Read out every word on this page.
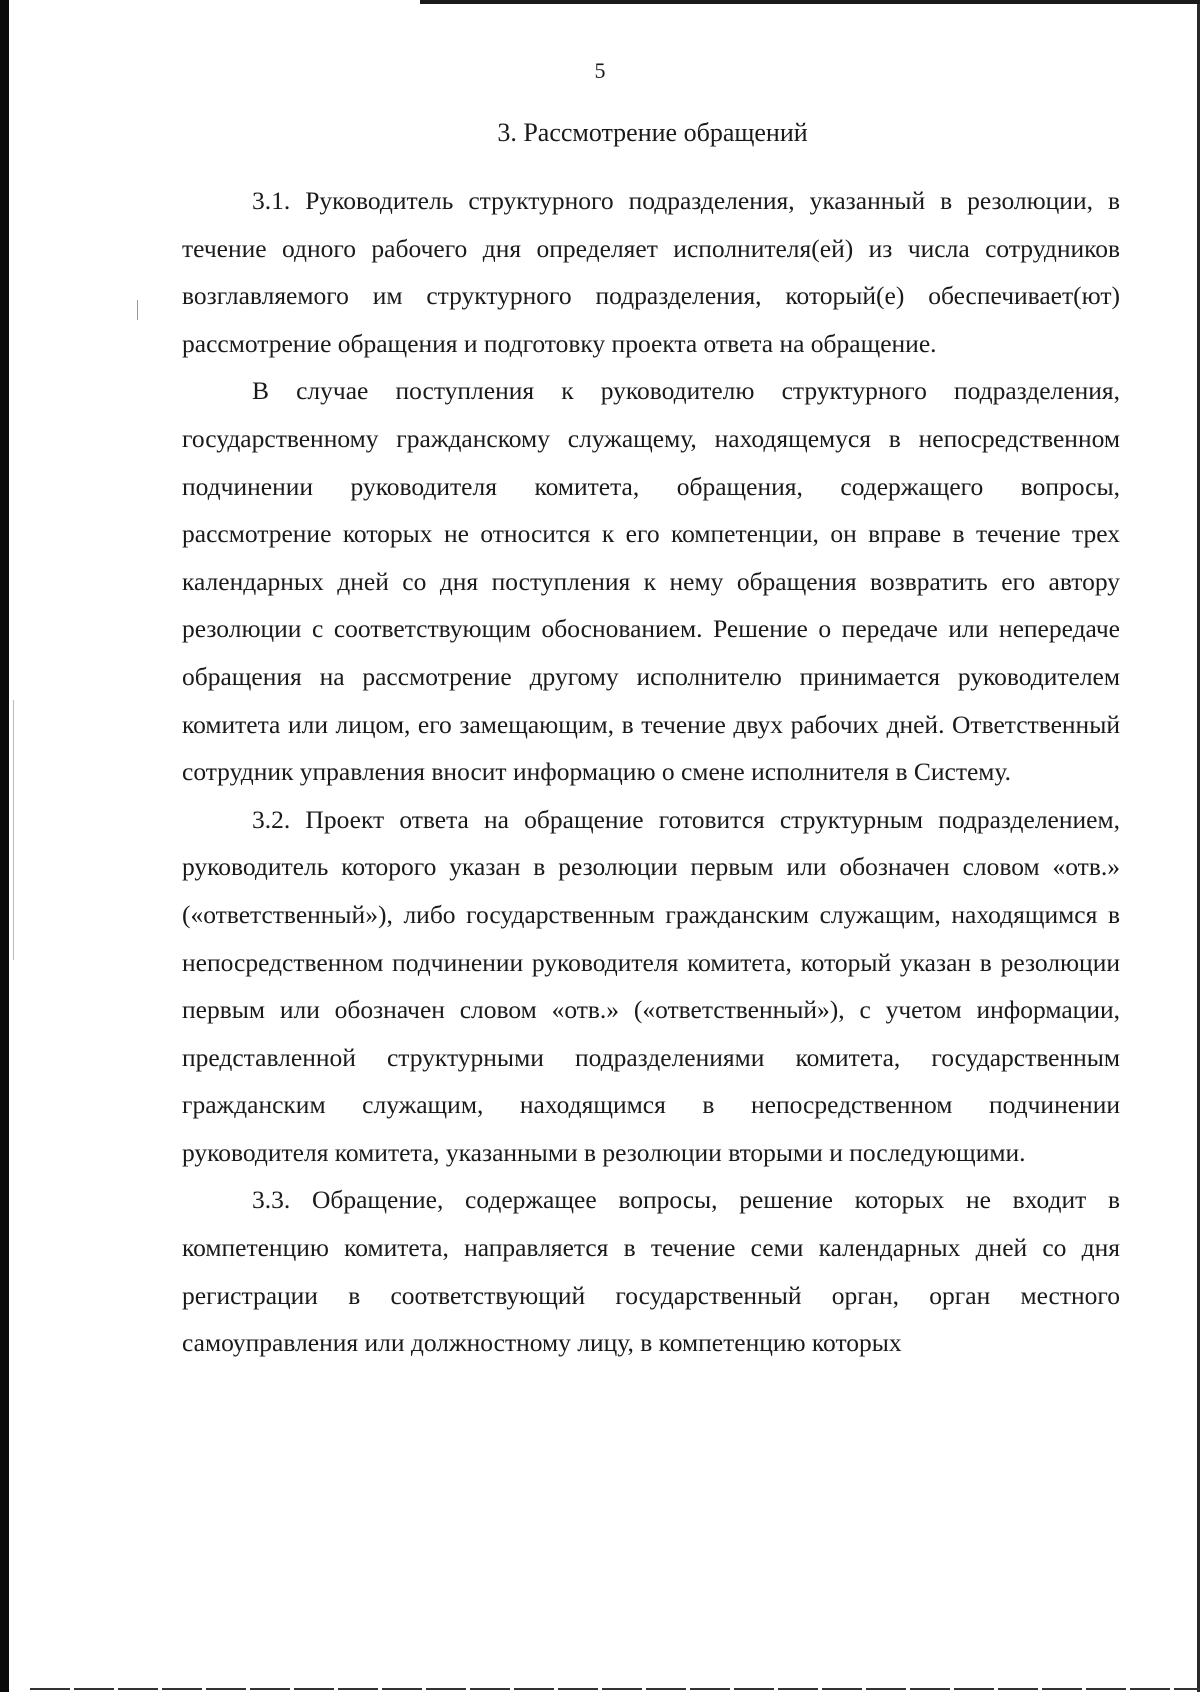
5
3. Рассмотрение обращений

3.1. Руководитель структурного подразделения, указанный в резолюции, в течение одного рабочего дня определяет исполнителя(ей) из числа сотрудников возглавляемого им структурного подразделения, который(е) обеспечивает(ют) рассмотрение обращения и подготовку проекта ответа на обращение.

В случае поступления к руководителю структурного подразделения, государственному гражданскому служащему, находящемуся в непосредственном подчинении руководителя комитета, обращения, содержащего вопросы, рассмотрение которых не относится к его компетенции, он вправе в течение трех календарных дней со дня поступления к нему обращения возвратить его автору резолюции с соответствующим обоснованием. Решение о передаче или непередаче обращения на рассмотрение другому исполнителю принимается руководителем комитета или лицом, его замещающим, в течение двух рабочих дней. Ответственный сотрудник управления вносит информацию о смене исполнителя в Систему.

3.2. Проект ответа на обращение готовится структурным подразделением, руководитель которого указан в резолюции первым или обозначен словом «отв.» («ответственный»), либо государственным гражданским служащим, находящимся в непосредственном подчинении руководителя комитета, который указан в резолюции первым или обозначен словом «отв.» («ответственный»), с учетом информации, представленной структурными подразделениями комитета, государственным гражданским служащим, находящимся в непосредственном подчинении руководителя комитета, указанными в резолюции вторыми и последующими.

3.3. Обращение, содержащее вопросы, решение которых не входит в компетенцию комитета, направляется в течение семи календарных дней со дня регистрации в соответствующий государственный орган, орган местного самоуправления или должностному лицу, в компетенцию которых
